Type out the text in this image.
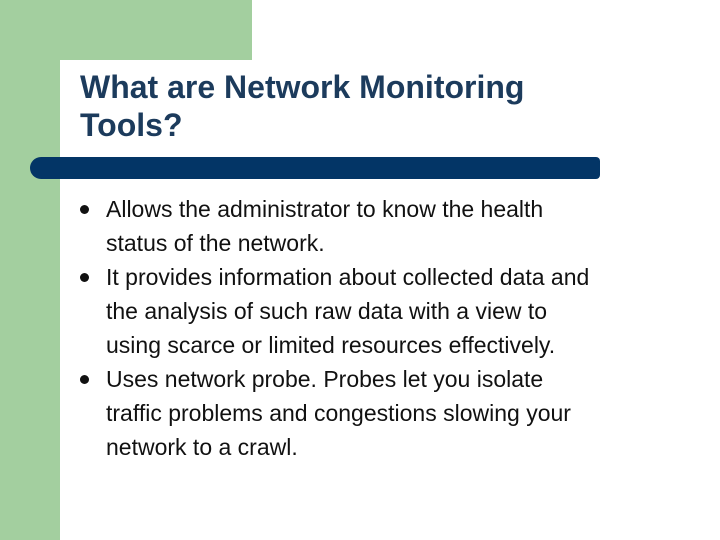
What are Network Monitoring
Tools?
Allows the administrator to know the health
status of the network.
It provides information about collected data and
the analysis of such raw data with a view to
using scarce or limited resources effectively.
Uses network probe. Probes let you isolate
traffic problems and congestions slowing your
network to a crawl.
